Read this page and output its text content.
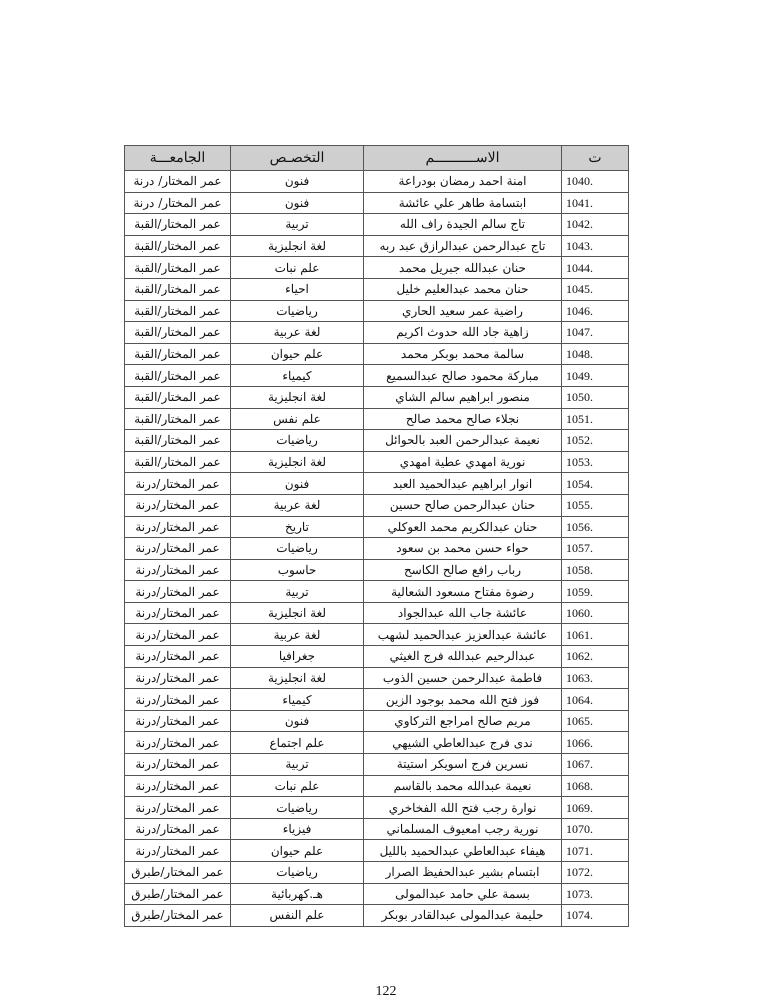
الجامعـــة	التخصـص	الاســــــــــم	ت
عمر المختار/ درنة	فنون	امنة احمد رمضان بودراعة	1040.
عمر المختار/ درنة	فنون	ابتسامة طاهر علي عائشة	1041.
عمر المختار/القبة	تربية	تاج سالم الجيدة راف الله	1042.
عمر المختار/القبة	لغة انجليزية	تاج عبدالرحمن عبدالرازق عبد ربه	1043.
عمر المختار/القبة	علم نبات	حنان عبدالله جبريل محمد	1044.
عمر المختار/القبة	احياء	حنان محمد عبدالعليم خليل	1045.
عمر المختار/القبة	رياضيات	راضية عمر سعيد الحاري	1046.
عمر المختار/القبة	لغة عربية	زاهية جاد الله حدوث اكريم	1047.
عمر المختار/القبة	علم حيوان	سالمة محمد بوبكر محمد	1048.
عمر المختار/القبة	كيمياء	مباركة محمود صالح عبدالسميع	1049.
عمر المختار/القبة	لغة انجليزية	منصور ابراهيم سالم الشاي	1050.
عمر المختار/القبة	علم نفس	نجلاء صالح محمد صالح	1051.
عمر المختار/القبة	رياضيات	نعيمة عبدالرحمن العبد بالحوائل	1052.
عمر المختار/القبة	لغة انجليزية	نورية امهدي عطية امهدي	1053.
عمر المختار/درنة	فنون	انوار ابراهيم عبدالحميد العبد	1054.
عمر المختار/درنة	لغة عربية	حنان عبدالرحمن صالح حسين	1055.
عمر المختار/درنة	تاريخ	حنان عبدالكريم محمد العوكلي	1056.
عمر المختار/درنة	رياضيات	حواء حسن محمد بن سعود	1057.
عمر المختار/درنة	حاسوب	رباب رافع صالح الكاسح	1058.
عمر المختار/درنة	تربية	رضوة مفتاح مسعود الشعالية	1059.
عمر المختار/درنة	لغة انجليزية	عائشة جاب الله عبدالجواد	1060.
عمر المختار/درنة	لغة عربية	عائشة عبدالعزيز عبدالحميد لشهب	1061.
عمر المختار/درنة	جغرافيا	عبدالرحيم عبدالله فرج الغيثي	1062.
عمر المختار/درنة	لغة انجليزية	فاطمة عبدالرحمن حسين الذوب	1063.
عمر المختار/درنة	كيمياء	فوز فتح الله محمد بوجود الزين	1064.
عمر المختار/درنة	فنون	مريم صالح امراجع التركاوي	1065.
عمر المختار/درنة	علم اجتماع	ندى فرج عبدالعاطي الشيهي	1066.
عمر المختار/درنة	تربية	نسرين فرج اسويكر استيتة	1067.
عمر المختار/درنة	علم نبات	نعيمة عبدالله محمد بالقاسم	1068.
عمر المختار/درنة	رياضيات	نوارة رجب فتح الله الفخاخري	1069.
عمر المختار/درنة	فيزياء	نورية رجب امعيوف المسلماني	1070.
عمر المختار/درنة	علم حيوان	هيفاء عبدالعاطي عبدالحميد بالليل	1071.
عمر المختار/طبرق	رياضيات	ابتسام بشير عبدالحفيظ الصرار	1072.
عمر المختار/طبرق	هـ.كهربائية	بسمة علي حامد عبدالمولى	1073.
عمر المختار/طبرق	علم النفس	حليمة عبدالمولى عبدالقادر بوبكر	1074.
122
